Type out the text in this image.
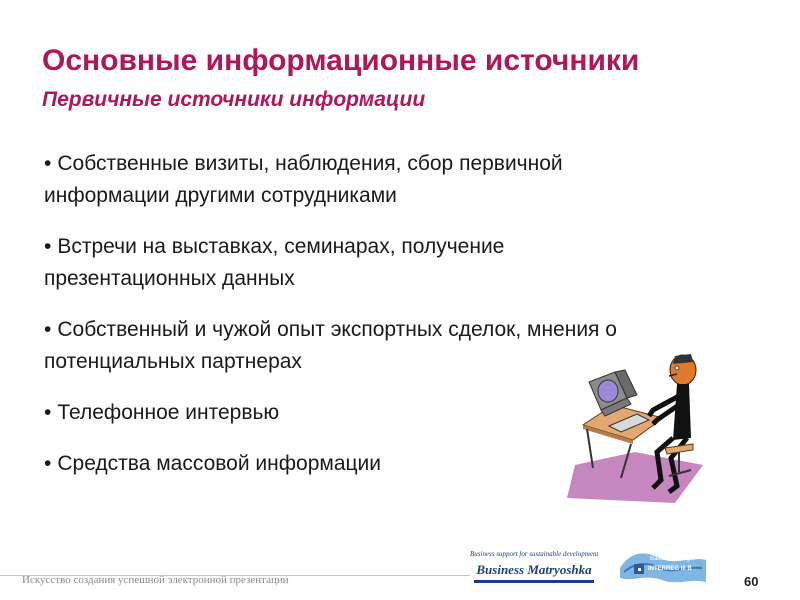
Основные информационные источники
Первичные источники информации
• Собственные визиты, наблюдения, сбор первичной информации другими сотрудниками
• Встречи на выставках, семинарах, получение презентационных данных
• Собственный и чужой опыт экспортных сделок, мнения о потенциальных партнерах
• Телефонное интервью
• Средства массовой информации
Искусство создания успешной электронной презентации
Business support for sustainable development
Business Matryoshka
Baltic Sea Region
INTERREG III B
60
